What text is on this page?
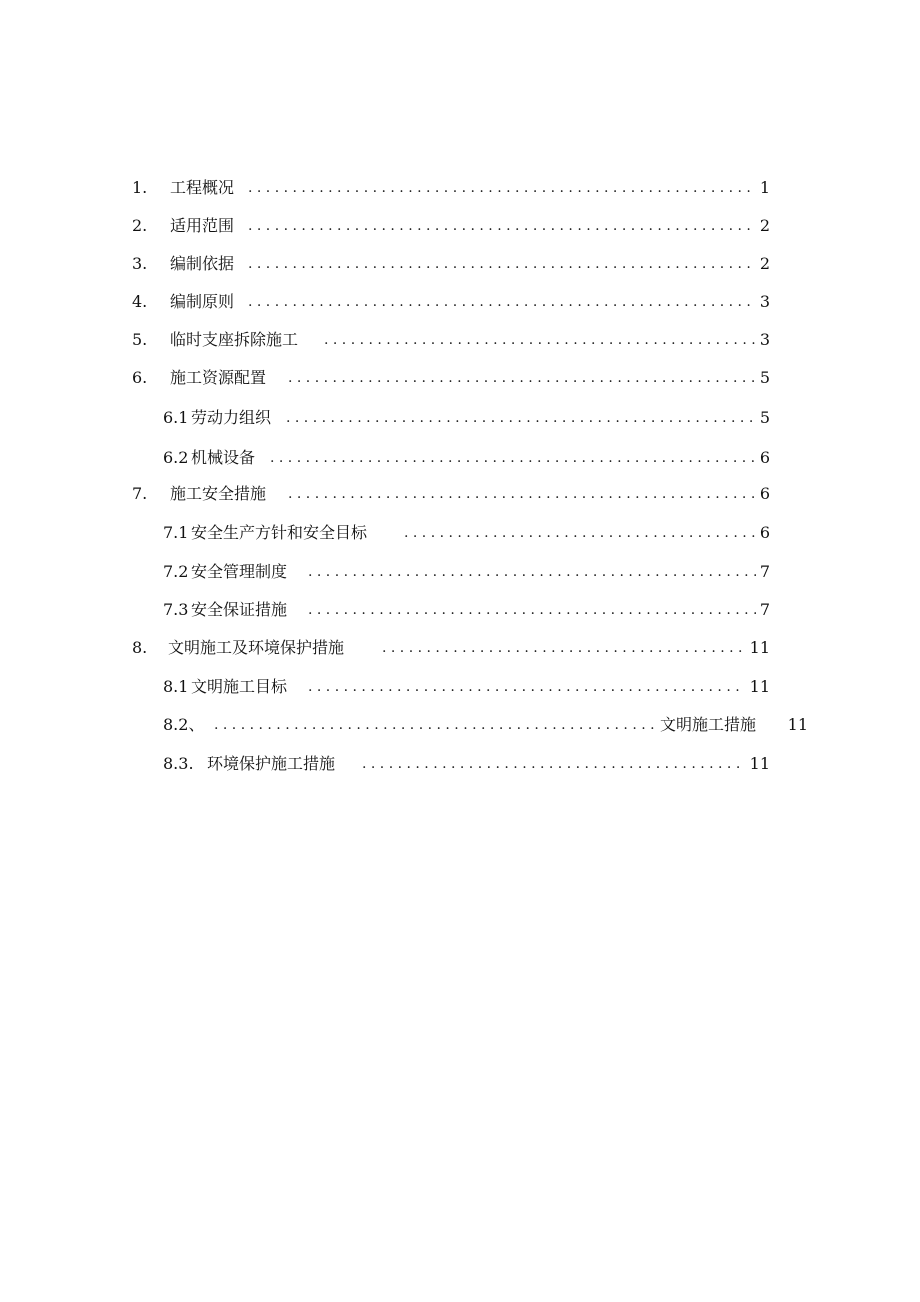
1.	工程概况 . . .	1
2.	适用范围 . . .	2
3.	编制依据 . . .	2
4.	编制原则 . . .	3
5.	临时支座拆除施工 . . .	3
6.	施工资源配置 . . .	5
6.1 劳动力组织 . . .	5
6.2 机械设备 . . .	6
7.	施工安全措施 . . .	6
7.1 安全生产方针和安全目标 . . .	6
7.2 安全管理制度 . . .	7
7.3 安全保证措施 . . .	7
8.	文明施工及环境保护措施 . . .	11
8.1 文明施工目标 . . .	11
8.2、 . . .	文明施工措施	11
8.3. 环境保护施工措施 . . .	11
